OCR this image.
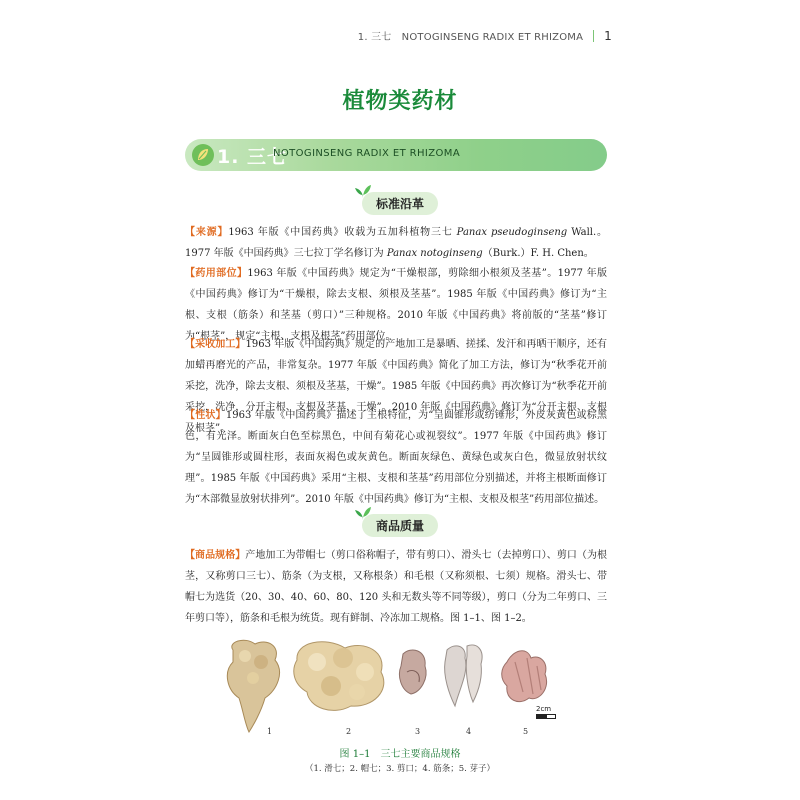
1. 三七　NOTOGINSENG RADIX ET RHIZOMA 1
植物类药材
1. 三七
NOTOGINSENG RADIX ET RHIZOMA
标准沿革

【来源】1963 年版《中国药典》收载为五加科植物三七 Panax pseudoginseng Wall.。1977 年版《中国药典》三七拉丁学名修订为 Panax notoginseng（Burk.）F. H. Chen。

【药用部位】1963 年版《中国药典》规定为“干燥根部，剪除细小根须及茎基”。1977 年版《中国药典》修订为“干燥根，除去支根、须根及茎基”。1985 年版《中国药典》修订为“主根、支根（筋条）和茎基（剪口）”三种规格。2010 年版《中国药典》将前版的“茎基”修订为“根茎”，规定“主根、支根及根茎”药用部位。

【采收加工】1963 年版《中国药典》规定的产地加工是暴晒、搓揉、发汗和再晒干顺序，还有加蜡再磨光的产品，非常复杂。1977 年版《中国药典》简化了加工方法，修订为“秋季花开前采挖，洗净，除去支根、须根及茎基，干燥”。1985 年版《中国药典》再次修订为“秋季花开前采挖，洗净，分开主根、支根及茎基，干燥”。2010 年版《中国药典》修订为“分开主根、支根及根茎”。

【性状】1963 年版《中国药典》描述了主根特征，为“呈圆锥形或纺锤形，外皮灰黄色或棕黑色，有光泽。断面灰白色至棕黑色，中间有菊花心或视裂纹”。1977 年版《中国药典》修订为“呈圆锥形或圆柱形，表面灰褐色或灰黄色。断面灰绿色、黄绿色或灰白色，微显放射状纹理”。1985 年版《中国药典》采用“主根、支根和茎基”药用部位分别描述，并将主根断面修订为“木部微显放射状排列”。2010 年版《中国药典》修订为“主根、支根及根茎”药用部位描述。

商品质量

【商品规格】产地加工为带帽七（剪口俗称帽子，带有剪口）、滑头七（去掉剪口）、剪口（为根茎，又称剪口三七）、筋条（为支根，又称根条）和毛根（又称须根、七须）规格。滑头七、带帽七为选货（20、30、40、60、80、120 头和无数头等不同等级），剪口（分为二年剪口、三年剪口等），筋条和毛根为统货。现有鲜制、冷冻加工规格。图 1–1、图 1–2。

1	2	3	4	5
2cm
图 1–1　三七主要商品规格
（1. 滑七；2. 帽七；3. 剪口；4. 筋条；5. 芽子）
